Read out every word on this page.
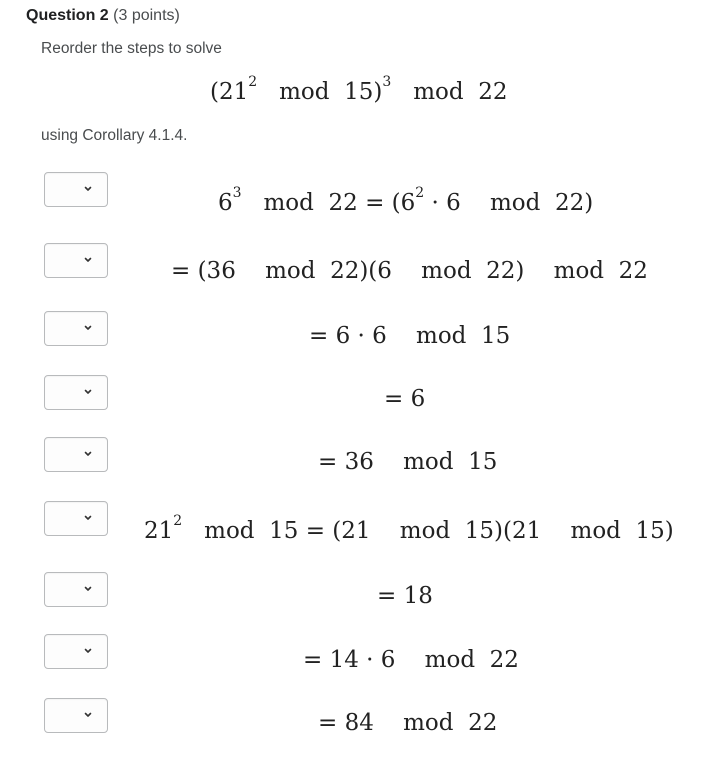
Question 2 (3 points)
Reorder the steps to solve
($21^2$   mod  15)$^3$   mod  22
using Corollary 4.1.4.
$6^3$   mod  $22 = (6^2 \cdot 6$    mod  22)
= (36    mod  22)(6    mod  22)    mod  22
= 6 · 6    mod  15
= 6
= 36    mod  15
$21^2$   mod  15 = (21    mod  15)(21    mod  15)
= 18
= 14 · 6    mod  22
= 84    mod  22
